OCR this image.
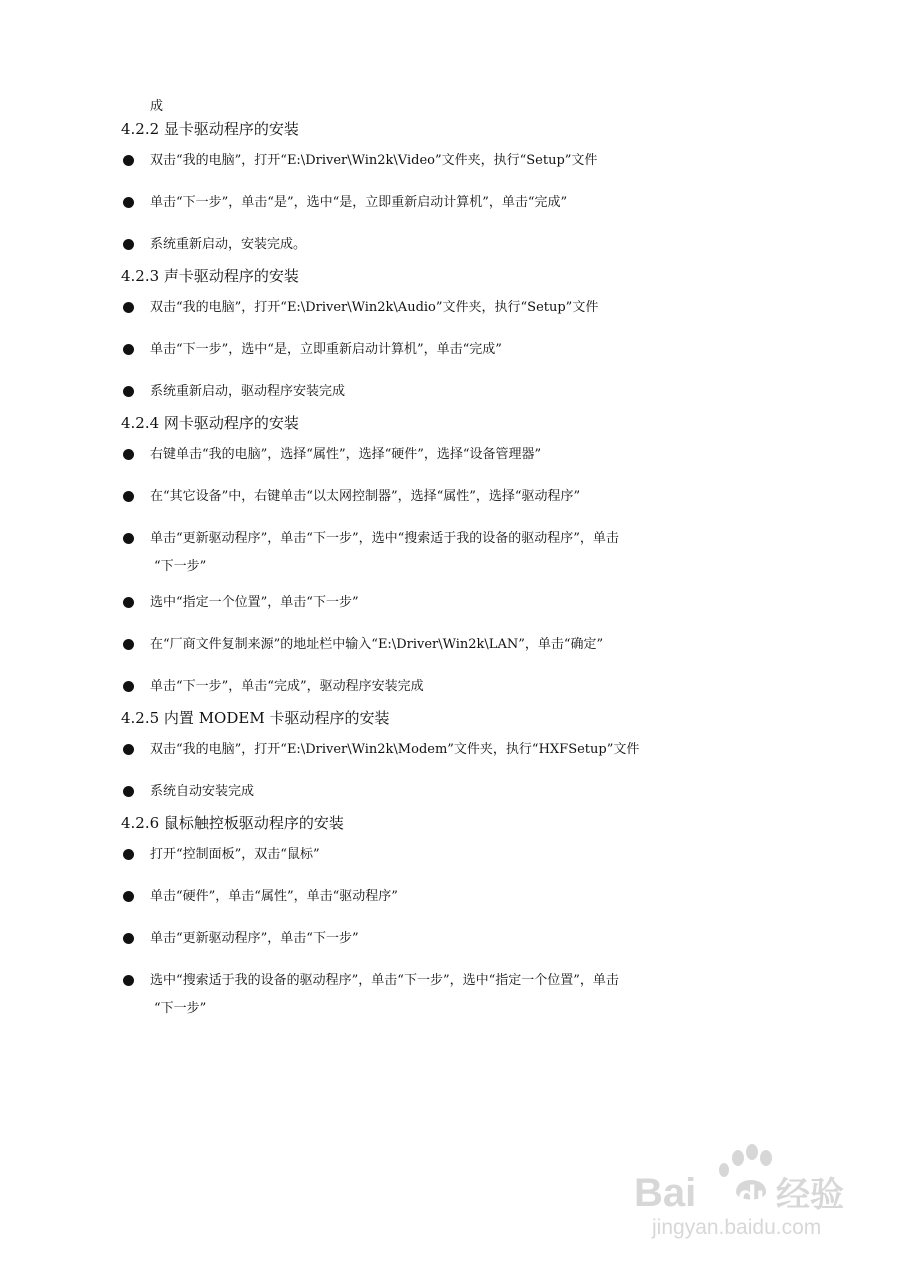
成
4.2.2 显卡驱动程序的安装
双击“我的电脑”，打开“E:\Driver\Win2k\Video”文件夹，执行“Setup”文件
单击“下一步”，单击“是”，选中“是，立即重新启动计算机”，单击“完成”
系统重新启动，安装完成。
4.2.3 声卡驱动程序的安装
双击“我的电脑”，打开“E:\Driver\Win2k\Audio”文件夹，执行“Setup”文件
单击“下一步”，选中“是，立即重新启动计算机”，单击“完成”
系统重新启动，驱动程序安装完成
4.2.4 网卡驱动程序的安装
右键单击“我的电脑”，选择“属性”，选择“硬件”，选择“设备管理器”
在“其它设备”中，右键单击“以太网控制器”，选择“属性”，选择“驱动程序”
单击“更新驱动程序”，单击“下一步”，选中“搜索适于我的设备的驱动程序”，单击
“下一步”
选中“指定一个位置”，单击“下一步”
在“厂商文件复制来源”的地址栏中输入“E:\Driver\Win2k\LAN”，单击“确定”
单击“下一步”，单击“完成”，驱动程序安装完成
4.2.5 内置 MODEM 卡驱动程序的安装
双击“我的电脑”，打开“E:\Driver\Win2k\Modem”文件夹，执行“HXFSetup”文件
系统自动安装完成
4.2.6 鼠标触控板驱动程序的安装
打开“控制面板”，双击“鼠标”
单击“硬件”，单击“属性”，单击“驱动程序”
单击“更新驱动程序”，单击“下一步”
选中“搜索适于我的设备的驱动程序”，单击“下一步”，选中“指定一个位置”，单击
“下一步”
Bai du 经验
jingyan.baidu.com
